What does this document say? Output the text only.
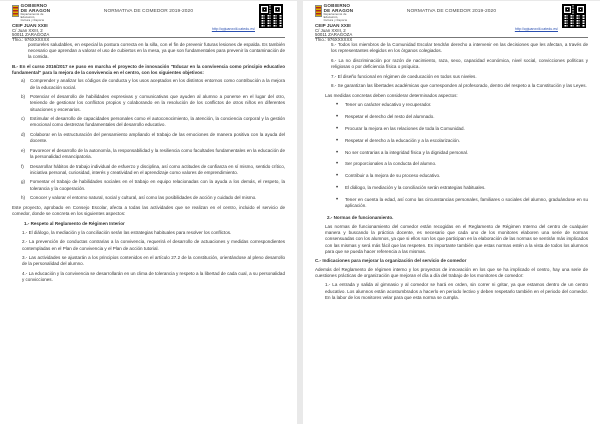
GOBIERNO
DE ARAGON
Departamento de Educación,
Cultura y Deporte
CEIP JUAN XXIII
C/ Juan XXIII, 2
50011 ZARAGOZA
Tfno.: 976XXXXXX
NORMATIVA DE COMEDOR 2019-2020
http://cpjuanxxiii.catedu.es/

postureles saludables, en especial la postura correcta en la silla, con el fin de prevenir futuras lesiones de espalda. Es también necesario que aprendan a valorar el uso de cubiertos en la mesa, ya que son fundamentales para prevenir la contaminación de la comida.

B.- En el curso 2016/2017 se puso en marcha el proyecto de innovación "Educar en la convivencia como principio educativo fundamental" para la mejora de la convivencia en el centro, con los siguientes objetivos:

a) Comprender y analizar los códigos de conducta y los usos aceptados en los distintos entornos como contribución a la mejora de la educación social.
b) Potenciar el desarrollo de habilidades expresivas y comunicativas que ayuden al alumno a ponerse en el lugar del otro, teniendo de gestionar los conflictos propios y colaborando en la resolución de los conflictos de otros niños en diferentes situaciones y escenarios.
c) Estimular el desarrollo de capacidades personales como el autoconocimiento, la atención, la conciencia corporal y la gestión emocional como destrezas fundamentales del desarrollo educativo.
d) Colaborar en la estructuración del pensamiento ampliando el trabajo de las emociones de manera positiva con la ayuda del docente.
e) Favorecer el desarrollo de la autonomía, la responsabilidad y la resiliencia como facultades fundamentales en la educación de la personalidad emancipatoria.
f) Desarrollar hábitos de trabajo individual de esfuerzo y disciplina, así como actitudes de confianza en sí mismo, sentido crítico, iniciativa personal, curiosidad, interés y creatividad en el aprendizaje como valores de emprendimiento.
g) Fomentar el trabajo de habilidades sociales en el trabajo en equipo relacionadas con la ayuda a los demás, el respeto, la tolerancia y la cooperación.
h) Conocer y valorar el entorno natural, social y cultural, así como las posibilidades de acción y cuidado del mismo.

Este proyecto, aprobado en Consejo Escolar, afecta a todas las actividades que se realizan en el centro, incluido el servicio de comedor, donde se concreta en los siguientes aspectos:

1.- Respeto al Reglamento de Régimen Interior

1.- El diálogo, la mediación y la conciliación serán las estrategias habituales para resolver los conflictos.

2.- La prevención de conductas contrarias a la convivencia, requerirá el desarrollo de actuaciones y medidas correspondientes contempladas en el Plan de convivencia y el Plan de acción tutorial.

3.- Las actividades se ajustarán a los principios contenidos en el artículo 27.2 de la constitución, orientándose al pleno desarrollo de la personalidad del alumno.

4.- La educación y la convivencia se desarrollarán en un clima de tolerancia y respeto a la libertad de cada cual, a su personalidad y convicciones.

GOBIERNO
DE ARAGON
Departamento de Educación,
Cultura y Deporte
CEIP JUAN XXIII
C/ Juan XXIII, 2
50011 ZARAGOZA
Tfno.: 976XXXXXX
NORMATIVA DE COMEDOR 2019-2020
http://cpjuanxxiii.catedu.es/

5.- Todos los miembros de la Comunidad Escolar tendrán derecho a intervenir en las decisiones que les afectan, a través de los representantes elegidos en los órganos colegiados.

6.- La no discriminación por razón de nacimiento, raza, sexo, capacidad económica, nivel social, convicciones políticas y religiosas o por deficiencia física o psíquica.

7.- El diseño funcional en régimen de coeducación en todos sus niveles.

8.- Se garantizan las libertades académicas que corresponden al profesorado, dentro del respeto a la Constitución y las Leyes.

Las medidas concretas deben considerar determinados aspectos:

• Tener un carácter educativo y recuperador.
• Respetar el derecho del resto del alumnado.
• Procurar la mejora en las relaciones de toda la Comunidad.
• Respetar el derecho a la educación y a la escolarización.
• No ser contrarias a la integridad física y la dignidad personal.
• Ser proporcionales a la conducta del alumno.
• Contribuir a la mejora de su proceso educativo.
• El diálogo, la mediación y la conciliación serán estrategias habituales.
• Tener en cuenta la edad, así como las circunstancias personales, familiares o sociales del alumno, graduándose en su aplicación.

2.- Normas de funcionamiento.

Las normas de funcionamiento del comedor están recogidas en el Reglamento de Régimen Interno del centro de cualquier manera y buscando la práctica docente, es necesario que cada uno de los monitores elaboren una serie de normas consensuadas con los alumnos, ya que si ellos son los que participan en la elaboración de las normas se sentirán más implicados con las mismas y será más fácil que las respeten. Es importante también que estas normas estén a la vista de todos los alumnos para que se pueda hacer referencia a las mismas.

C.- Indicaciones para mejorar la organización del servicio de comedor

Además del Reglamento de régimen interno y los proyectos de innovación en los que se ha implicado el centro, hay una serie de cuestiones prácticas de organización que mejoran el día a día del trabajo de los monitores de comedor:

1.- La entrada y salida al gimnasio y al comedor se hará en orden, sin correr ni gritar, ya que estamos dentro de un centro educativo. Los alumnos están acostumbrados a hacerlo en periodo lectivo y deben respetarlo también en el periodo del comedor. En la labor de los monitores velar para que esta norma se cumpla.
